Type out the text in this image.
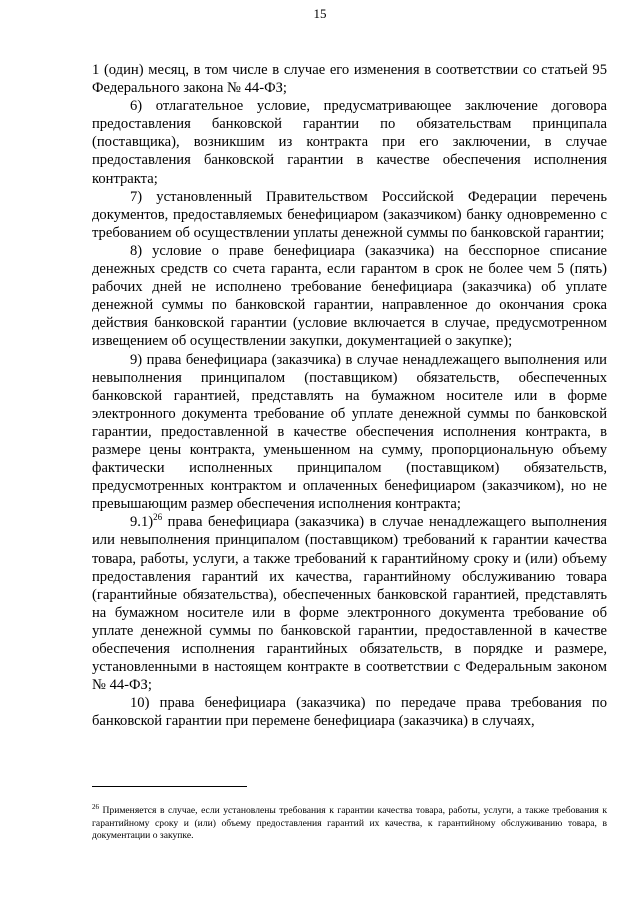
15

1 (один) месяц, в том числе в случае его изменения в соответствии со статьей 95 Федерального закона № 44-ФЗ;

6) отлагательное условие, предусматривающее заключение договора предоставления банковской гарантии по обязательствам принципала (поставщика), возникшим из контракта при его заключении, в случае предоставления банковской гарантии в качестве обеспечения исполнения контракта;

7) установленный Правительством Российской Федерации перечень документов, предоставляемых бенефициаром (заказчиком) банку одновременно с требованием об осуществлении уплаты денежной суммы по банковской гарантии;

8) условие о праве бенефициара (заказчика) на бесспорное списание денежных средств со счета гаранта, если гарантом в срок не более чем 5 (пять) рабочих дней не исполнено требование бенефициара (заказчика) об уплате денежной суммы по банковской гарантии, направленное до окончания срока действия банковской гарантии (условие включается в случае, предусмотренном извещением об осуществлении закупки, документацией о закупке);

9) права бенефициара (заказчика) в случае ненадлежащего выполнения или невыполнения принципалом (поставщиком) обязательств, обеспеченных банковской гарантией, представлять на бумажном носителе или в форме электронного документа требование об уплате денежной суммы по банковской гарантии, предоставленной в качестве обеспечения исполнения контракта, в размере цены контракта, уменьшенном на сумму, пропорциональную объему фактически исполненных принципалом (поставщиком) обязательств, предусмотренных контрактом и оплаченных бенефициаром (заказчиком), но не превышающим размер обеспечения исполнения контракта;

9.1)$^{26}$ права бенефициара (заказчика) в случае ненадлежащего выполнения или невыполнения принципалом (поставщиком) требований к гарантии качества товара, работы, услуги, а также требований к гарантийному сроку и (или) объему предоставления гарантий их качества, гарантийному обслуживанию товара (гарантийные обязательства), обеспеченных банковской гарантией, представлять на бумажном носителе или в форме электронного документа требование об уплате денежной суммы по банковской гарантии, предоставленной в качестве обеспечения исполнения гарантийных обязательств, в порядке и размере, установленными в настоящем контракте в соответствии с Федеральным законом № 44-ФЗ;

10) права бенефициара (заказчика) по передаче права требования по банковской гарантии при перемене бенефициара (заказчика) в случаях,

$^{26}$ Применяется в случае, если установлены требования к гарантии качества товара, работы, услуги, а также требования к гарантийному сроку и (или) объему предоставления гарантий их качества, к гарантийному обслуживанию товара, в документации о закупке.
